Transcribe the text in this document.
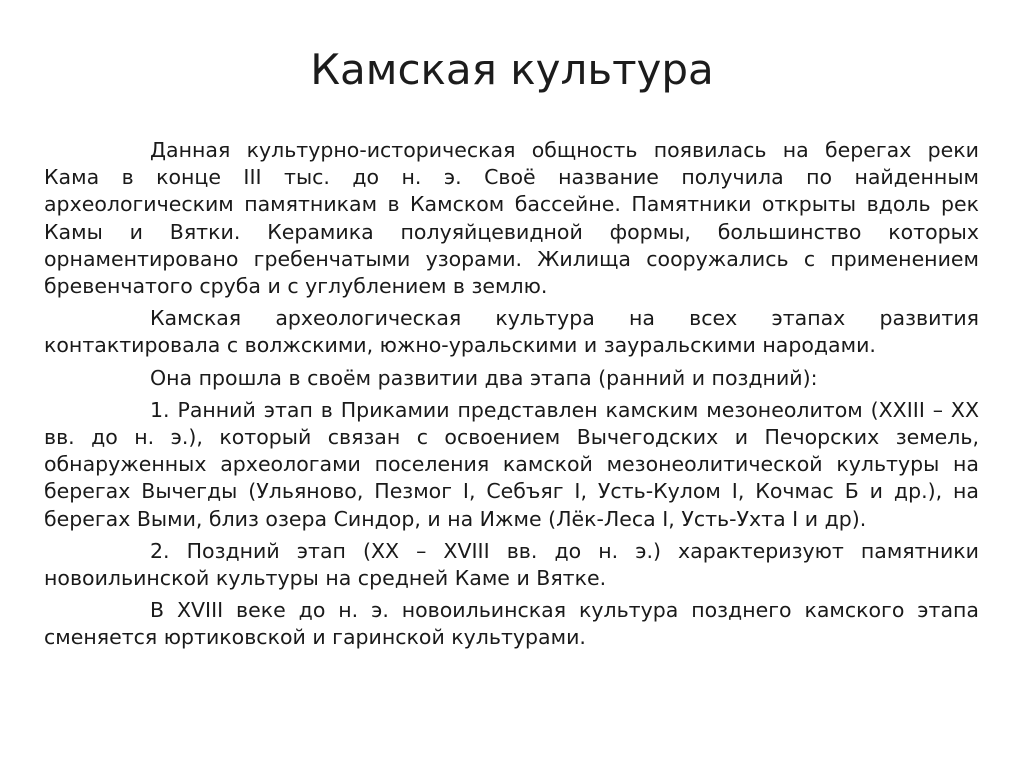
Камская культура

Данная культурно-историческая общность появилась на берегах реки Кама в конце III тыс. до н. э. Своё название получила по найденным археологическим памятникам в Камском бассейне. Памятники открыты вдоль рек Камы и Вятки. Керамика полуяйцевидной формы, большинство которых орнаментировано гребенчатыми узорами. Жилища сооружались с применением бревенчатого сруба и с углублением в землю.

Камская археологическая культура на всех этапах развития контактировала с волжскими, южно-уральскими и зауральскими народами.

Она прошла в своём развитии два этапа (ранний и поздний):

1. Ранний этап в Прикамии представлен камским мезонеолитом (XXIII – XX вв. до н. э.), который связан с освоением Вычегодских и Печорских земель, обнаруженных археологами поселения камской мезонеолитической культуры на берегах Вычегды (Ульяново, Пезмог I, Себъяг I, Усть-Кулом I, Кочмас Б и др.), на берегах Выми, близ озера Синдор, и на Ижме (Лёк-Леса I, Усть-Ухта I и др).

2. Поздний этап (XX – XVIII вв. до н. э.) характеризуют памятники новоильинской культуры на средней Каме и Вятке.

В XVIII веке до н. э. новоильинская культура позднего камского этапа сменяется юртиковской и гаринской культурами.
